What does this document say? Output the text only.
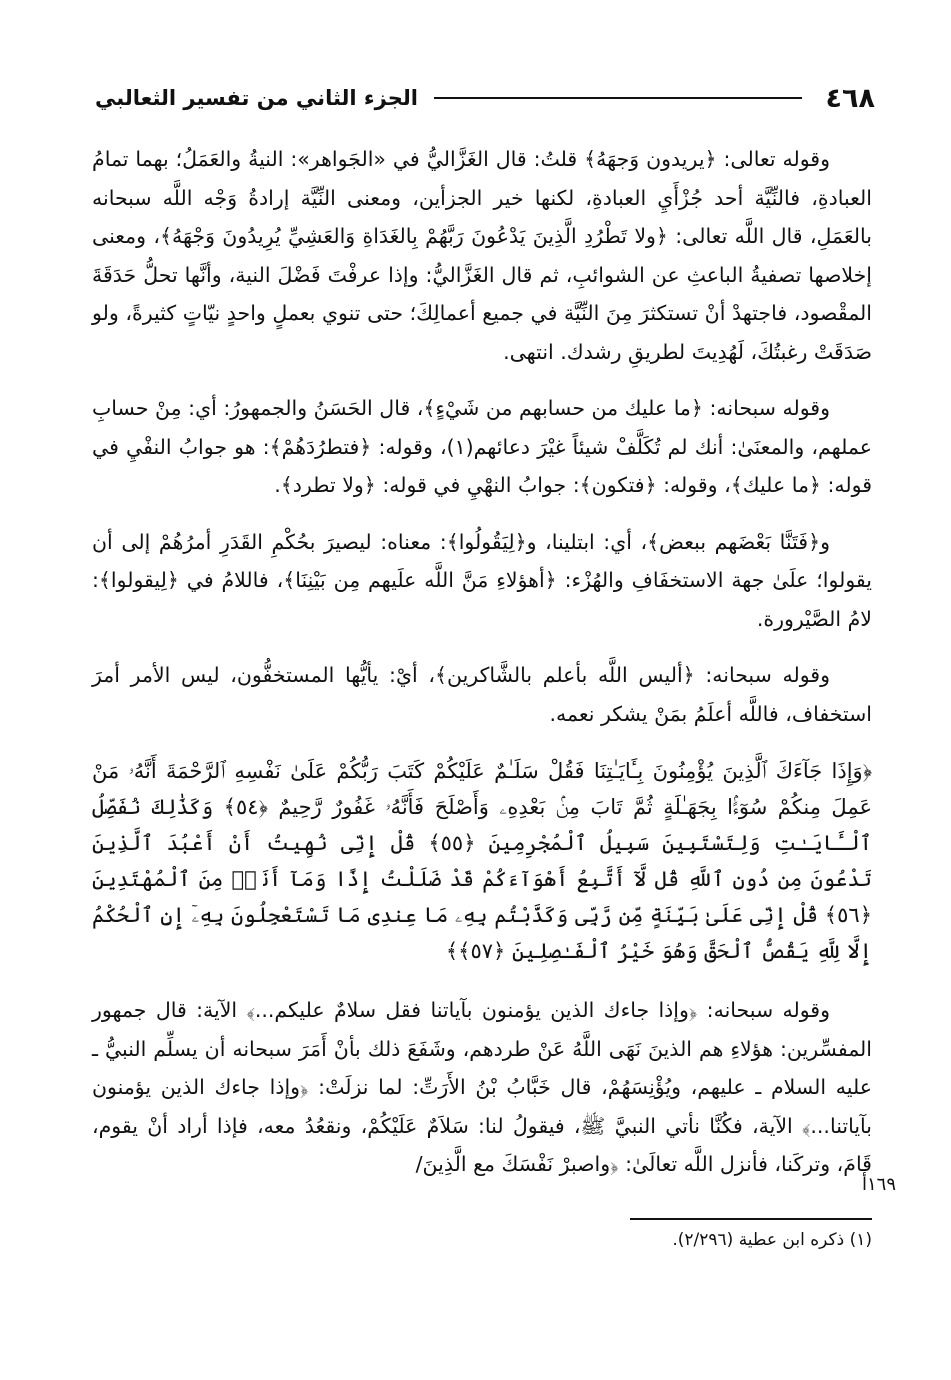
٤٦٨
الجزء الثاني من تفسير الثعالبي

وقوله تعالى: ﴿يريدون وَجهَهُ﴾ قلتُ: قال الغَزَّاليُّ في «الجَواهر»: النيةُ والعَمَلُ؛ بهما تمامُ العبادةِ، فالنِّيَّة أحد جُزْأَيِ العبادةِ، لكنها خير الجزأين، ومعنى النِّيَّة إرادةُ وَجْه اللَّه سبحانه بالعَمَلِ، قال اللَّه تعالى: ﴿ولا تَطْرُدِ الَّذِينَ يَدْعُونَ رَبَّهُمْ بِالغَدَاةِ وَالعَشِيِّ يُرِيدُونَ وَجْهَهُ﴾، ومعنى إخلاصها تصفيةُ الباعثِ عن الشوائبِ، ثم قال الغَزَّاليُّ: وإذا عرفْتَ فَضْلَ النية، وأنَّها تحلُّ حَدَقَةَ المقْصود، فاجتهدْ أنْ تستكثرَ مِنَ النِّيَّة في جميع أعمالِكَ؛ حتى تنوي بعملٍ واحدٍ نيّاتٍ كثيرةً، ولو صَدَقَتْ رغبتُكَ، لَهُدِيتَ لطريقِ رشدك. انتهى.

وقوله سبحانه: ﴿ما عليك من حسابهم من شَيْءٍ﴾، قال الحَسَنُ والجمهورُ: أي: مِنْ حسابِ عملهم، والمعنَىٰ: أنك لم تُكَلَّفْ شيئاً غيْرَ دعائهم(١)، وقوله: ﴿فتطرُدَهُمْ﴾: هو جوابُ النفْيِ في قوله: ﴿ما عليك﴾، وقوله: ﴿فتكون﴾: جوابُ النهْيِ في قوله: ﴿ولا تطرد﴾.

و﴿فَتَنَّا بَعْضَهم ببعض﴾، أي: ابتلينا، و﴿لِيَقُولُوا﴾: معناه: ليصيرَ بحُكْمِ القَدَرِ أمرُهُمْ إلى أن يقولوا؛ علَىٰ جهة الاستخفَافِ والهُزْء: ﴿أهؤلاءِ مَنَّ اللَّه علَيهم مِن بَيْنِنَا﴾، فاللامُ في ﴿لِيقولوا﴾: لامُ الصَّيْرورة.

وقوله سبحانه: ﴿أليس اللَّه بأعلم بالشَّاكرين﴾، أيْ: يأيُّها المستخفُّون، ليس الأمر أمرَ استخفاف، فاللَّه أعلَمُ بمَنْ يشكر نعمه.

﴿وَإِذَا جَآءَكَ ٱلَّذِينَ يُؤْمِنُونَ بِـَٔايَـٰتِنَا فَقُلْ سَلَـٰمٌ عَلَيْكُمْ كَتَبَ رَبُّكُمْ عَلَىٰ نَفْسِهِ ٱلرَّحْمَةَ أَنَّهُۥ مَنْ عَمِلَ مِنكُمْ سُوٓءًۢا بِجَهَـٰلَةٍ ثُمَّ تَابَ مِنۢ بَعْدِهِۦ وَأَصْلَحَ فَأَنَّهُۥ غَفُورٌ رَّحِيمٌ ﴿٥٤﴾ وَكَذَٰلِكَ نُفَصِّلُ ٱلْـَٔايَـٰتِ وَلِتَسْتَبِينَ سَبِيلُ ٱلْمُجْرِمِينَ ﴿٥٥﴾ قُلْ إِنِّى نُهِيتُ أَنْ أَعْبُدَ ٱلَّذِينَ تَدْعُونَ مِن دُونِ ٱللَّهِ قُل لَّآ أَتَّبِعُ أَهْوَآءَكُمْ قَدْ ضَلَلْتُ إِذًا وَمَآ أَنَا۠ مِنَ ٱلْمُهْتَدِينَ ﴿٥٦﴾ قُلْ إِنِّى عَلَىٰ بَيِّنَةٍ مِّن رَّبِّى وَكَذَّبْتُم بِهِۦ مَا عِندِى مَا تَسْتَعْجِلُونَ بِهِۦٓ إِنِ ٱلْحُكْمُ إِلَّا لِلَّهِ يَقُصُّ ٱلْحَقَّ وَهُوَ خَيْرُ ٱلْفَـٰصِلِينَ ﴿٥٧﴾﴾

وقوله سبحانه: ﴿وإذا جاءك الذين يؤمنون بآياتنا فقل سلامٌ عليكم...﴾ الآية: قال جمهور المفسِّرين: هؤلاءِ هم الذينَ نَهَى اللَّهُ عَنْ طردهم، وشَفَعَ ذلك بأنْ أَمَرَ سبحانه أن يسلِّم النبيُّ ـ عليه السلام ـ عليهم، ويُؤْنِسَهُمْ، قال خَبَّابُ بْنُ الأَرَتِّ: لما نزلَتْ: ﴿وإذا جاءك الذين يؤمنون بآياتنا...﴾ الآية، فكُنَّا نأتي النبيَّ ﷺ، فيقولُ لنا: سَلاَمٌ عَلَيْكُمْ، ونقعُدُ معه، فإذا أراد أنْ يقوم، قَامَ، وتركَنا، فأنزل اللَّه تعالَىٰ: ﴿واصبرْ نَفْسَكَ مع الَّذِينَ/

١٦٩أ
(١) ذكره ابن عطية (٢/٢٩٦).
